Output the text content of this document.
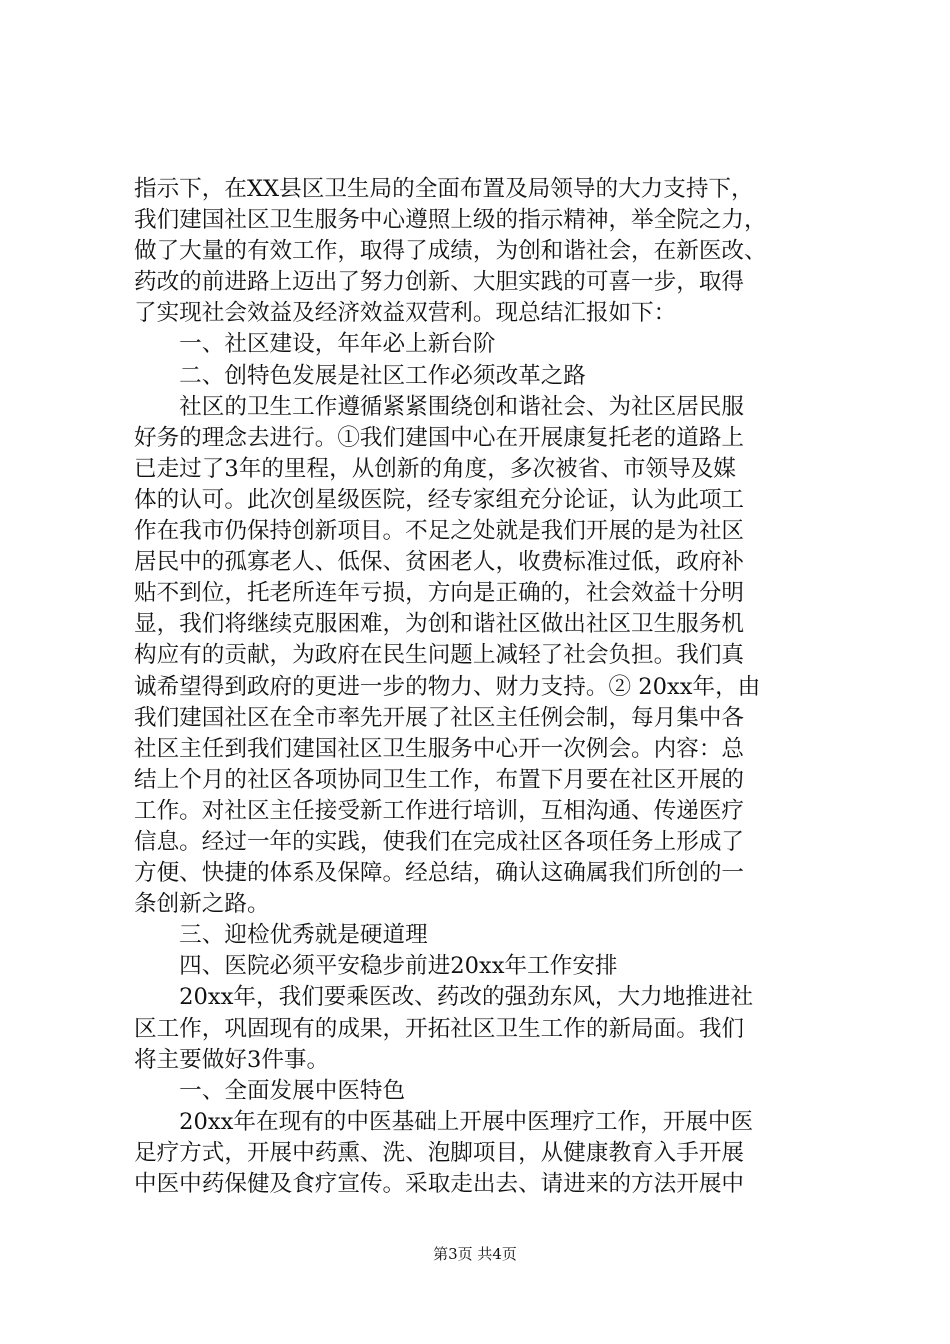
指示下，在XX县区卫生局的全面布置及局领导的大力支持下，
我们建国社区卫生服务中心遵照上级的指示精神，举全院之力，
做了大量的有效工作，取得了成绩，为创和谐社会，在新医改、
药改的前进路上迈出了努力创新、大胆实践的可喜一步，取得
了实现社会效益及经济效益双营利。现总结汇报如下：
　　一、社区建设，年年必上新台阶
　　二、创特色发展是社区工作必须改革之路
　　社区的卫生工作遵循紧紧围绕创和谐社会、为社区居民服
好务的理念去进行。①我们建国中心在开展康复托老的道路上
已走过了3年的里程，从创新的角度，多次被省、市领导及媒
体的认可。此次创星级医院，经专家组充分论证，认为此项工
作在我市仍保持创新项目。不足之处就是我们开展的是为社区
居民中的孤寡老人、低保、贫困老人，收费标准过低，政府补
贴不到位，托老所连年亏损，方向是正确的，社会效益十分明
显，我们将继续克服困难，为创和谐社区做出社区卫生服务机
构应有的贡献，为政府在民生问题上减轻了社会负担。我们真
诚希望得到政府的更进一步的物力、财力支持。② 20xx年，由
我们建国社区在全市率先开展了社区主任例会制，每月集中各
社区主任到我们建国社区卫生服务中心开一次例会。内容：总
结上个月的社区各项协同卫生工作，布置下月要在社区开展的
工作。对社区主任接受新工作进行培训，互相沟通、传递医疗
信息。经过一年的实践，使我们在完成社区各项任务上形成了
方便、快捷的体系及保障。经总结，确认这确属我们所创的一
条创新之路。
　　三、迎检优秀就是硬道理
　　四、医院必须平安稳步前进20xx年工作安排
　　20xx年，我们要乘医改、药改的强劲东风，大力地推进社
区工作，巩固现有的成果，开拓社区卫生工作的新局面。我们
将主要做好3件事。
　　一、全面发展中医特色
　　20xx年在现有的中医基础上开展中医理疗工作，开展中医
足疗方式，开展中药熏、洗、泡脚项目，从健康教育入手开展
中医中药保健及食疗宣传。采取走出去、请进来的方法开展中
第3页 共4页
